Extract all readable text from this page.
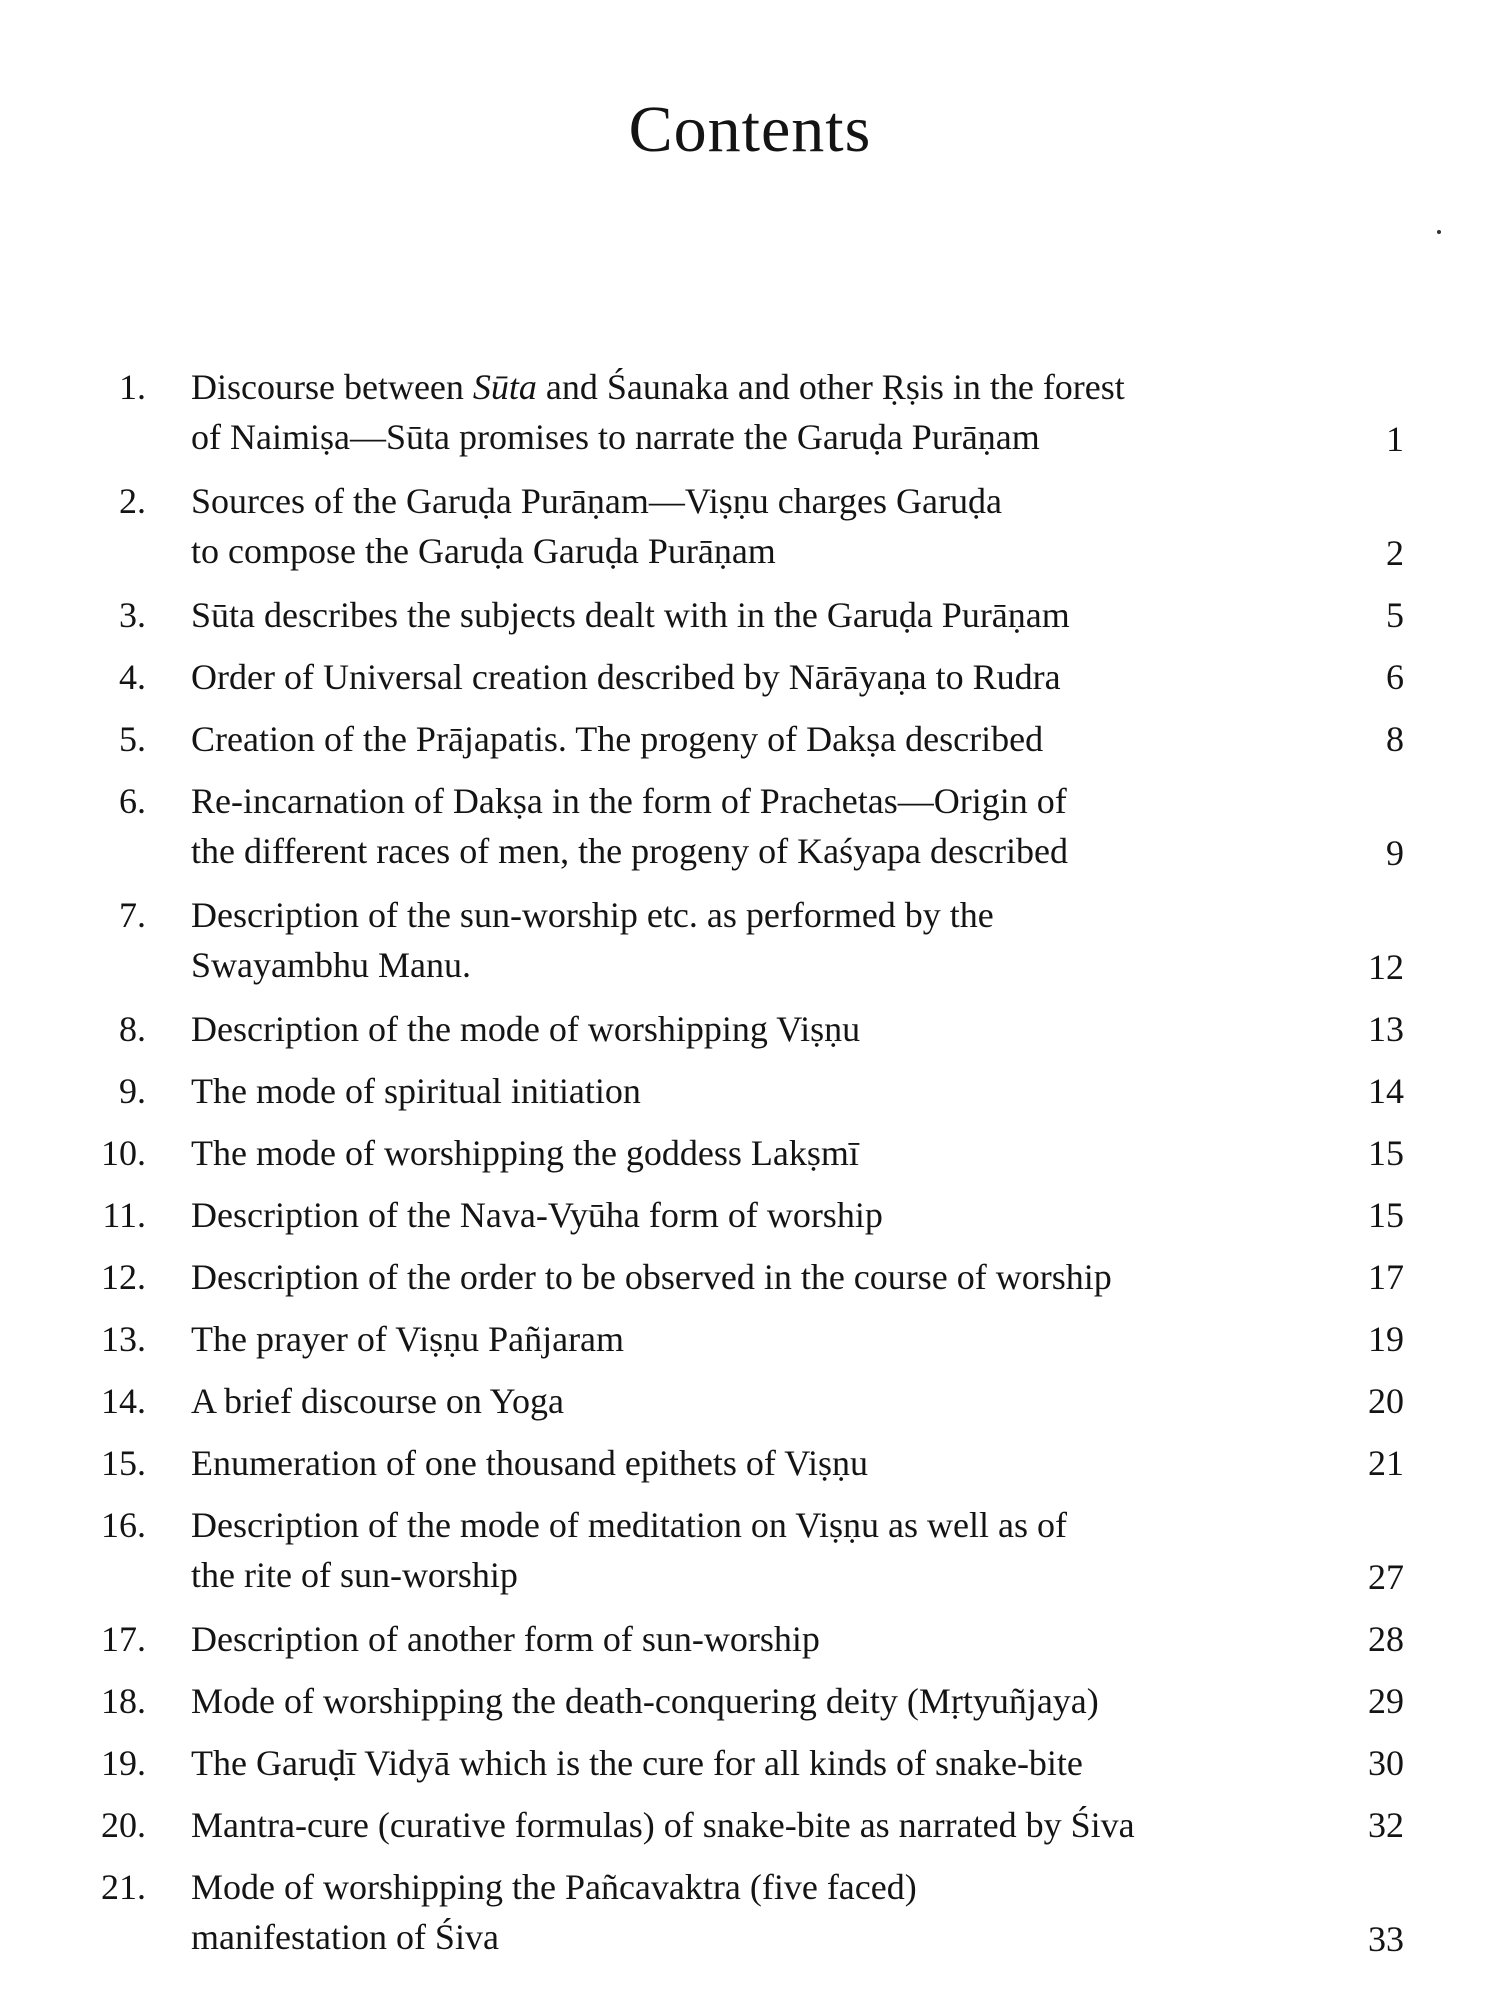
Contents
1. Discourse between Sūta and Śaunaka and other Ṛṣis in the forest
of Naimiṣa—Sūta promises to narrate the Garuḍa Purāṇam	1
2. Sources of the Garuḍa Purāṇam—Viṣṇu charges Garuḍa
to compose the Garuḍa Garuḍa Purāṇam	2
3. Sūta describes the subjects dealt with in the Garuḍa Purāṇam	5
4. Order of Universal creation described by Nārāyaṇa to Rudra	6
5. Creation of the Prājapatis. The progeny of Dakṣa described	8
6. Re-incarnation of Dakṣa in the form of Prachetas—Origin of
the different races of men, the progeny of Kaśyapa described	9
7. Description of the sun-worship etc. as performed by the
Swayambhu Manu.	12
8. Description of the mode of worshipping Viṣṇu	13
9. The mode of spiritual initiation	14
10. The mode of worshipping the goddess Lakṣmī	15
11. Description of the Nava-Vyūha form of worship	15
12. Description of the order to be observed in the course of worship	17
13. The prayer of Viṣṇu Pañjaram	19
14. A brief discourse on Yoga	20
15. Enumeration of one thousand epithets of Viṣṇu	21
16. Description of the mode of meditation on Viṣṇu as well as of
the rite of sun-worship	27
17. Description of another form of sun-worship	28
18. Mode of worshipping the death-conquering deity (Mṛtyuñjaya)	29
19. The Garuḍī Vidyā which is the cure for all kinds of snake-bite	30
20. Mantra-cure (curative formulas) of snake-bite as narrated by Śiva	32
21. Mode of worshipping the Pañcavaktra (five faced)
manifestation of Śiva	33
